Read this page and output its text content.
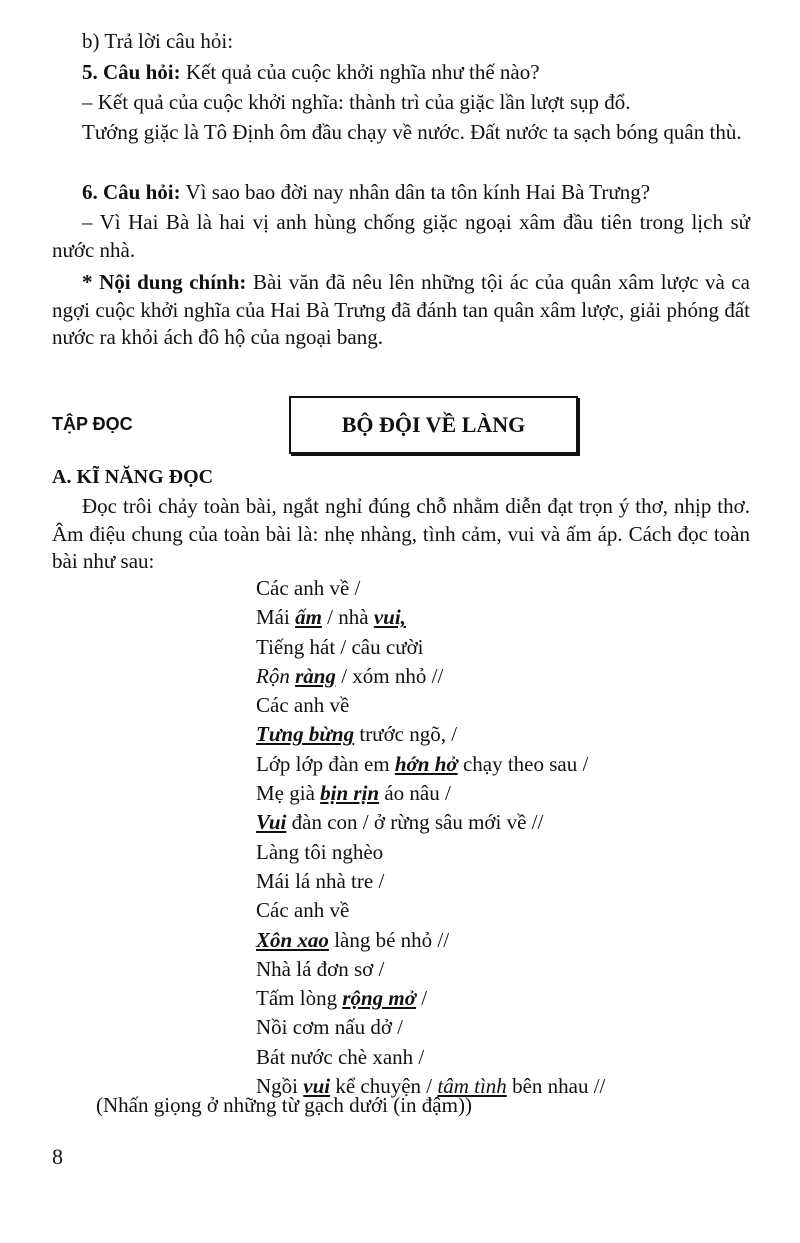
b) Trả lời câu hỏi:
5. Câu hỏi: Kết quả của cuộc khởi nghĩa như thế nào?
– Kết quả của cuộc khởi nghĩa: thành trì của giặc lần lượt sụp đổ.
Tướng giặc là Tô Định ôm đầu chạy về nước. Đất nước ta sạch bóng quân thù.
6. Câu hỏi: Vì sao bao đời nay nhân dân ta tôn kính Hai Bà Trưng?
– Vì Hai Bà là hai vị anh hùng chống giặc ngoại xâm đầu tiên trong lịch sử nước nhà.
* Nội dung chính: Bài văn đã nêu lên những tội ác của quân xâm lược và ca ngợi cuộc khởi nghĩa của Hai Bà Trưng đã đánh tan quân xâm lược, giải phóng đất nước ra khỏi ách đô hộ của ngoại bang.
TẬP ĐỌC	BỘ ĐỘI VỀ LÀNG
A. KĨ NĂNG ĐỌC
Đọc trôi chảy toàn bài, ngắt nghỉ đúng chỗ nhằm diễn đạt trọn ý thơ, nhịp thơ. Âm điệu chung của toàn bài là: nhẹ nhàng, tình cảm, vui và ấm áp. Cách đọc toàn bài như sau:
Các anh về /
Mái ấm / nhà vui,
Tiếng hát / câu cười
Rộn ràng / xóm nhỏ //
Các anh về
Tưng bừng trước ngõ, /
Lớp lớp đàn em hớn hở chạy theo sau /
Mẹ già bịn rịn áo nâu /
Vui đàn con / ở rừng sâu mới về //
Làng tôi nghèo
Mái lá nhà tre /
Các anh về
Xôn xao làng bé nhỏ //
Nhà lá đơn sơ /
Tấm lòng rộng mở /
Nồi cơm nấu dở /
Bát nước chè xanh /
Ngồi vui kể chuyện / tâm tình bên nhau //
(Nhấn giọng ở những từ gạch dưới (in đậm))
8
